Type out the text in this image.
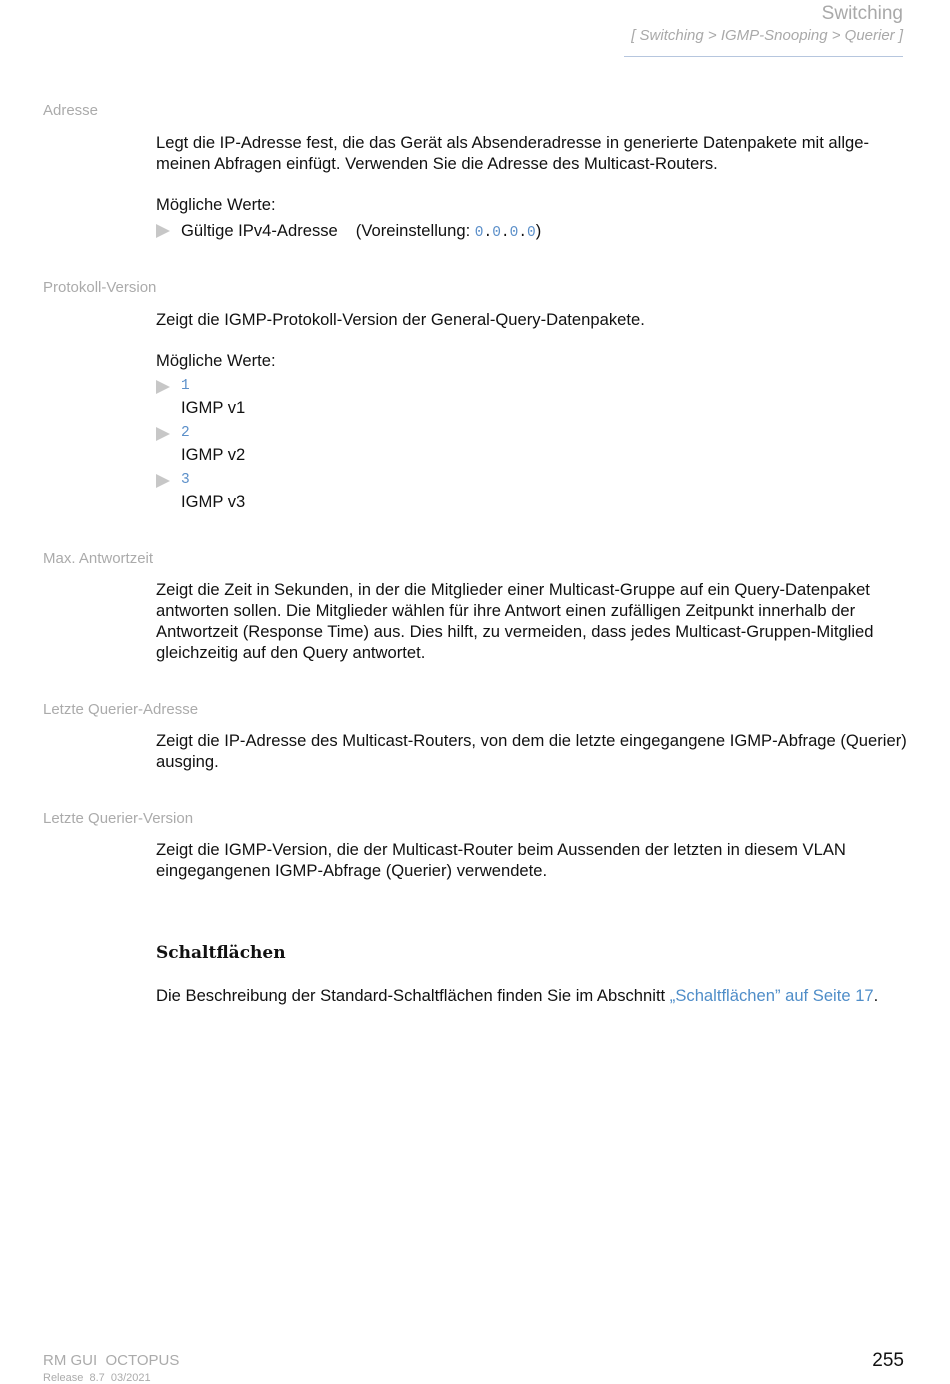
Switching
[ Switching > IGMP-Snooping > Querier ]
Adresse

Legt die IP-Adresse fest, die das Gerät als Absenderadresse in generierte Datenpakete mit allge-
meinen Abfragen einfügt. Verwenden Sie die Adresse des Multicast-Routers.

Mögliche Werte:

Gültige IPv4-Adresse (Voreinstellung: 0.0.0.0)
Protokoll-Version

Zeigt die IGMP-Protokoll-Version der General-Query-Datenpakete.

Mögliche Werte:

1
IGMP v1
2
IGMP v2
3
IGMP v3
Max. Antwortzeit

Zeigt die Zeit in Sekunden, in der die Mitglieder einer Multicast-Gruppe auf ein Query-Datenpaket antworten sollen. Die Mitglieder wählen für ihre Antwort einen zufälligen Zeitpunkt innerhalb der Antwortzeit (Response Time) aus. Dies hilft, zu vermeiden, dass jedes Multicast-Gruppen-Mitglied gleichzeitig auf den Query antwortet.

Letzte Querier-Adresse

Zeigt die IP-Adresse des Multicast-Routers, von dem die letzte eingegangene IGMP-Abfrage (Querier) ausging.

Letzte Querier-Version

Zeigt die IGMP-Version, die der Multicast-Router beim Aussenden der letzten in diesem VLAN eingegangenen IGMP-Abfrage (Querier) verwendete.

Schaltflächen

Die Beschreibung der Standard-Schaltflächen finden Sie im Abschnitt „Schaltflächen” auf Seite 17.

RM GUI  OCTOPUS
Release  8.7  03/2021
255
